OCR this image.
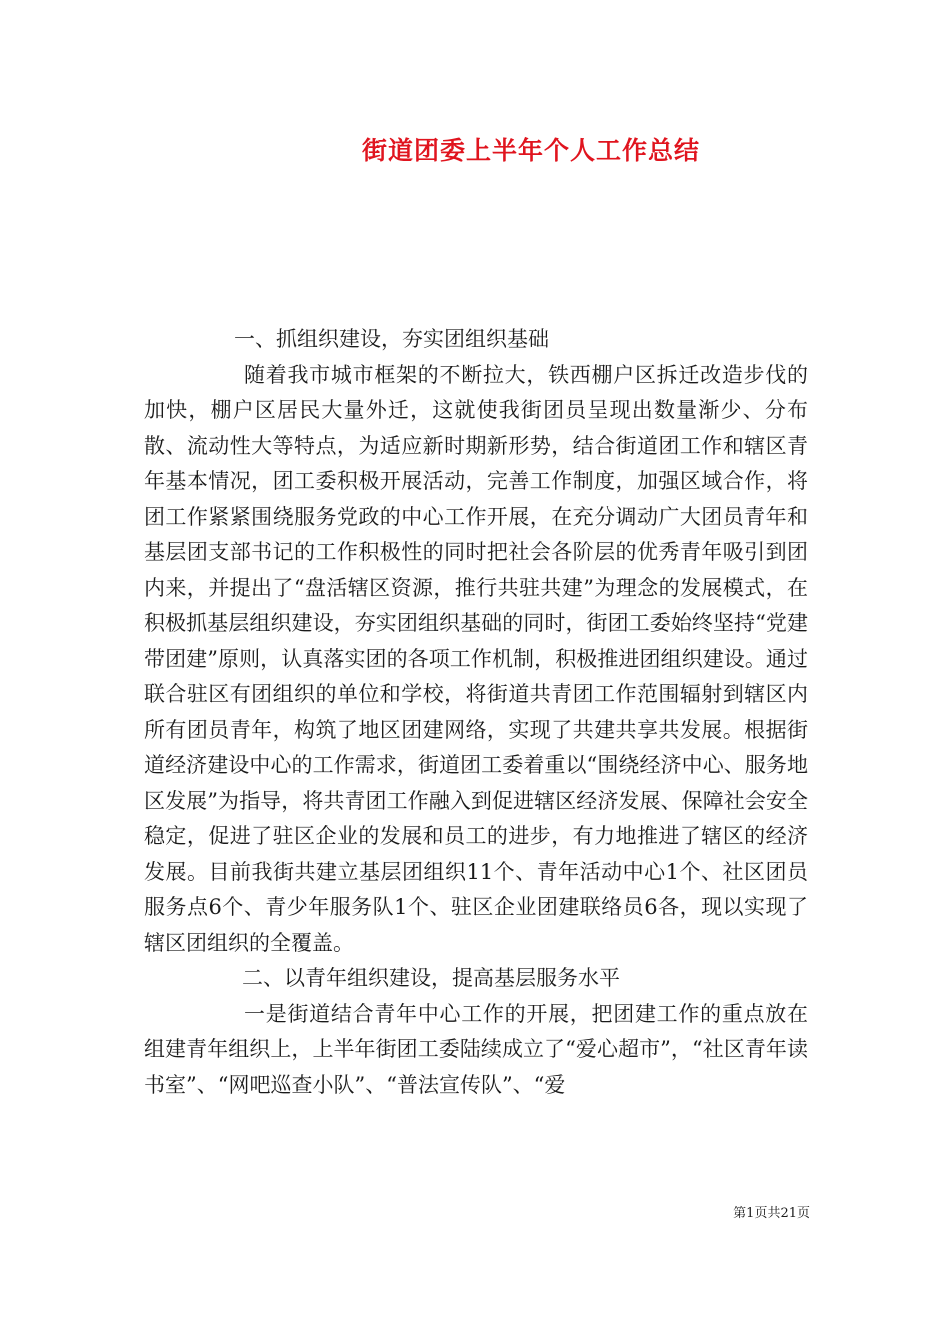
街道团委上半年个人工作总结

一、抓组织建设，夯实团组织基础

随着我市城市框架的不断拉大，铁西棚户区拆迁改造步伐的加快，棚户区居民大量外迁，这就使我街团员呈现出数量渐少、分布散、流动性大等特点，为适应新时期新形势，结合街道团工作和辖区青年基本情况，团工委积极开展活动，完善工作制度，加强区域合作，将团工作紧紧围绕服务党政的中心工作开展，在充分调动广大团员青年和基层团支部书记的工作积极性的同时把社会各阶层的优秀青年吸引到团内来，并提出了“盘活辖区资源，推行共驻共建”为理念的发展模式，在积极抓基层组织建设，夯实团组织基础的同时，街团工委始终坚持“党建带团建”原则，认真落实团的各项工作机制，积极推进团组织建设。通过联合驻区有团组织的单位和学校，将街道共青团工作范围辐射到辖区内所有团员青年，构筑了地区团建网络，实现了共建共享共发展。根据街道经济建设中心的工作需求，街道团工委着重以“围绕经济中心、服务地区发展”为指导，将共青团工作融入到促进辖区经济发展、保障社会安全稳定，促进了驻区企业的发展和员工的进步，有力地推进了辖区的经济发展。目前我街共建立基层团组织11个、青年活动中心1个、社区团员服务点6个、青少年服务队1个、驻区企业团建联络员6各，现以实现了辖区团组织的全覆盖。

二、以青年组织建设，提高基层服务水平

一是街道结合青年中心工作的开展，把团建工作的重点放在组建青年组织上，上半年街团工委陆续成立了“爱心超市”，“社区青年读书室”、“网吧巡查小队”、“普法宣传队”、“爱

第1页共21页
